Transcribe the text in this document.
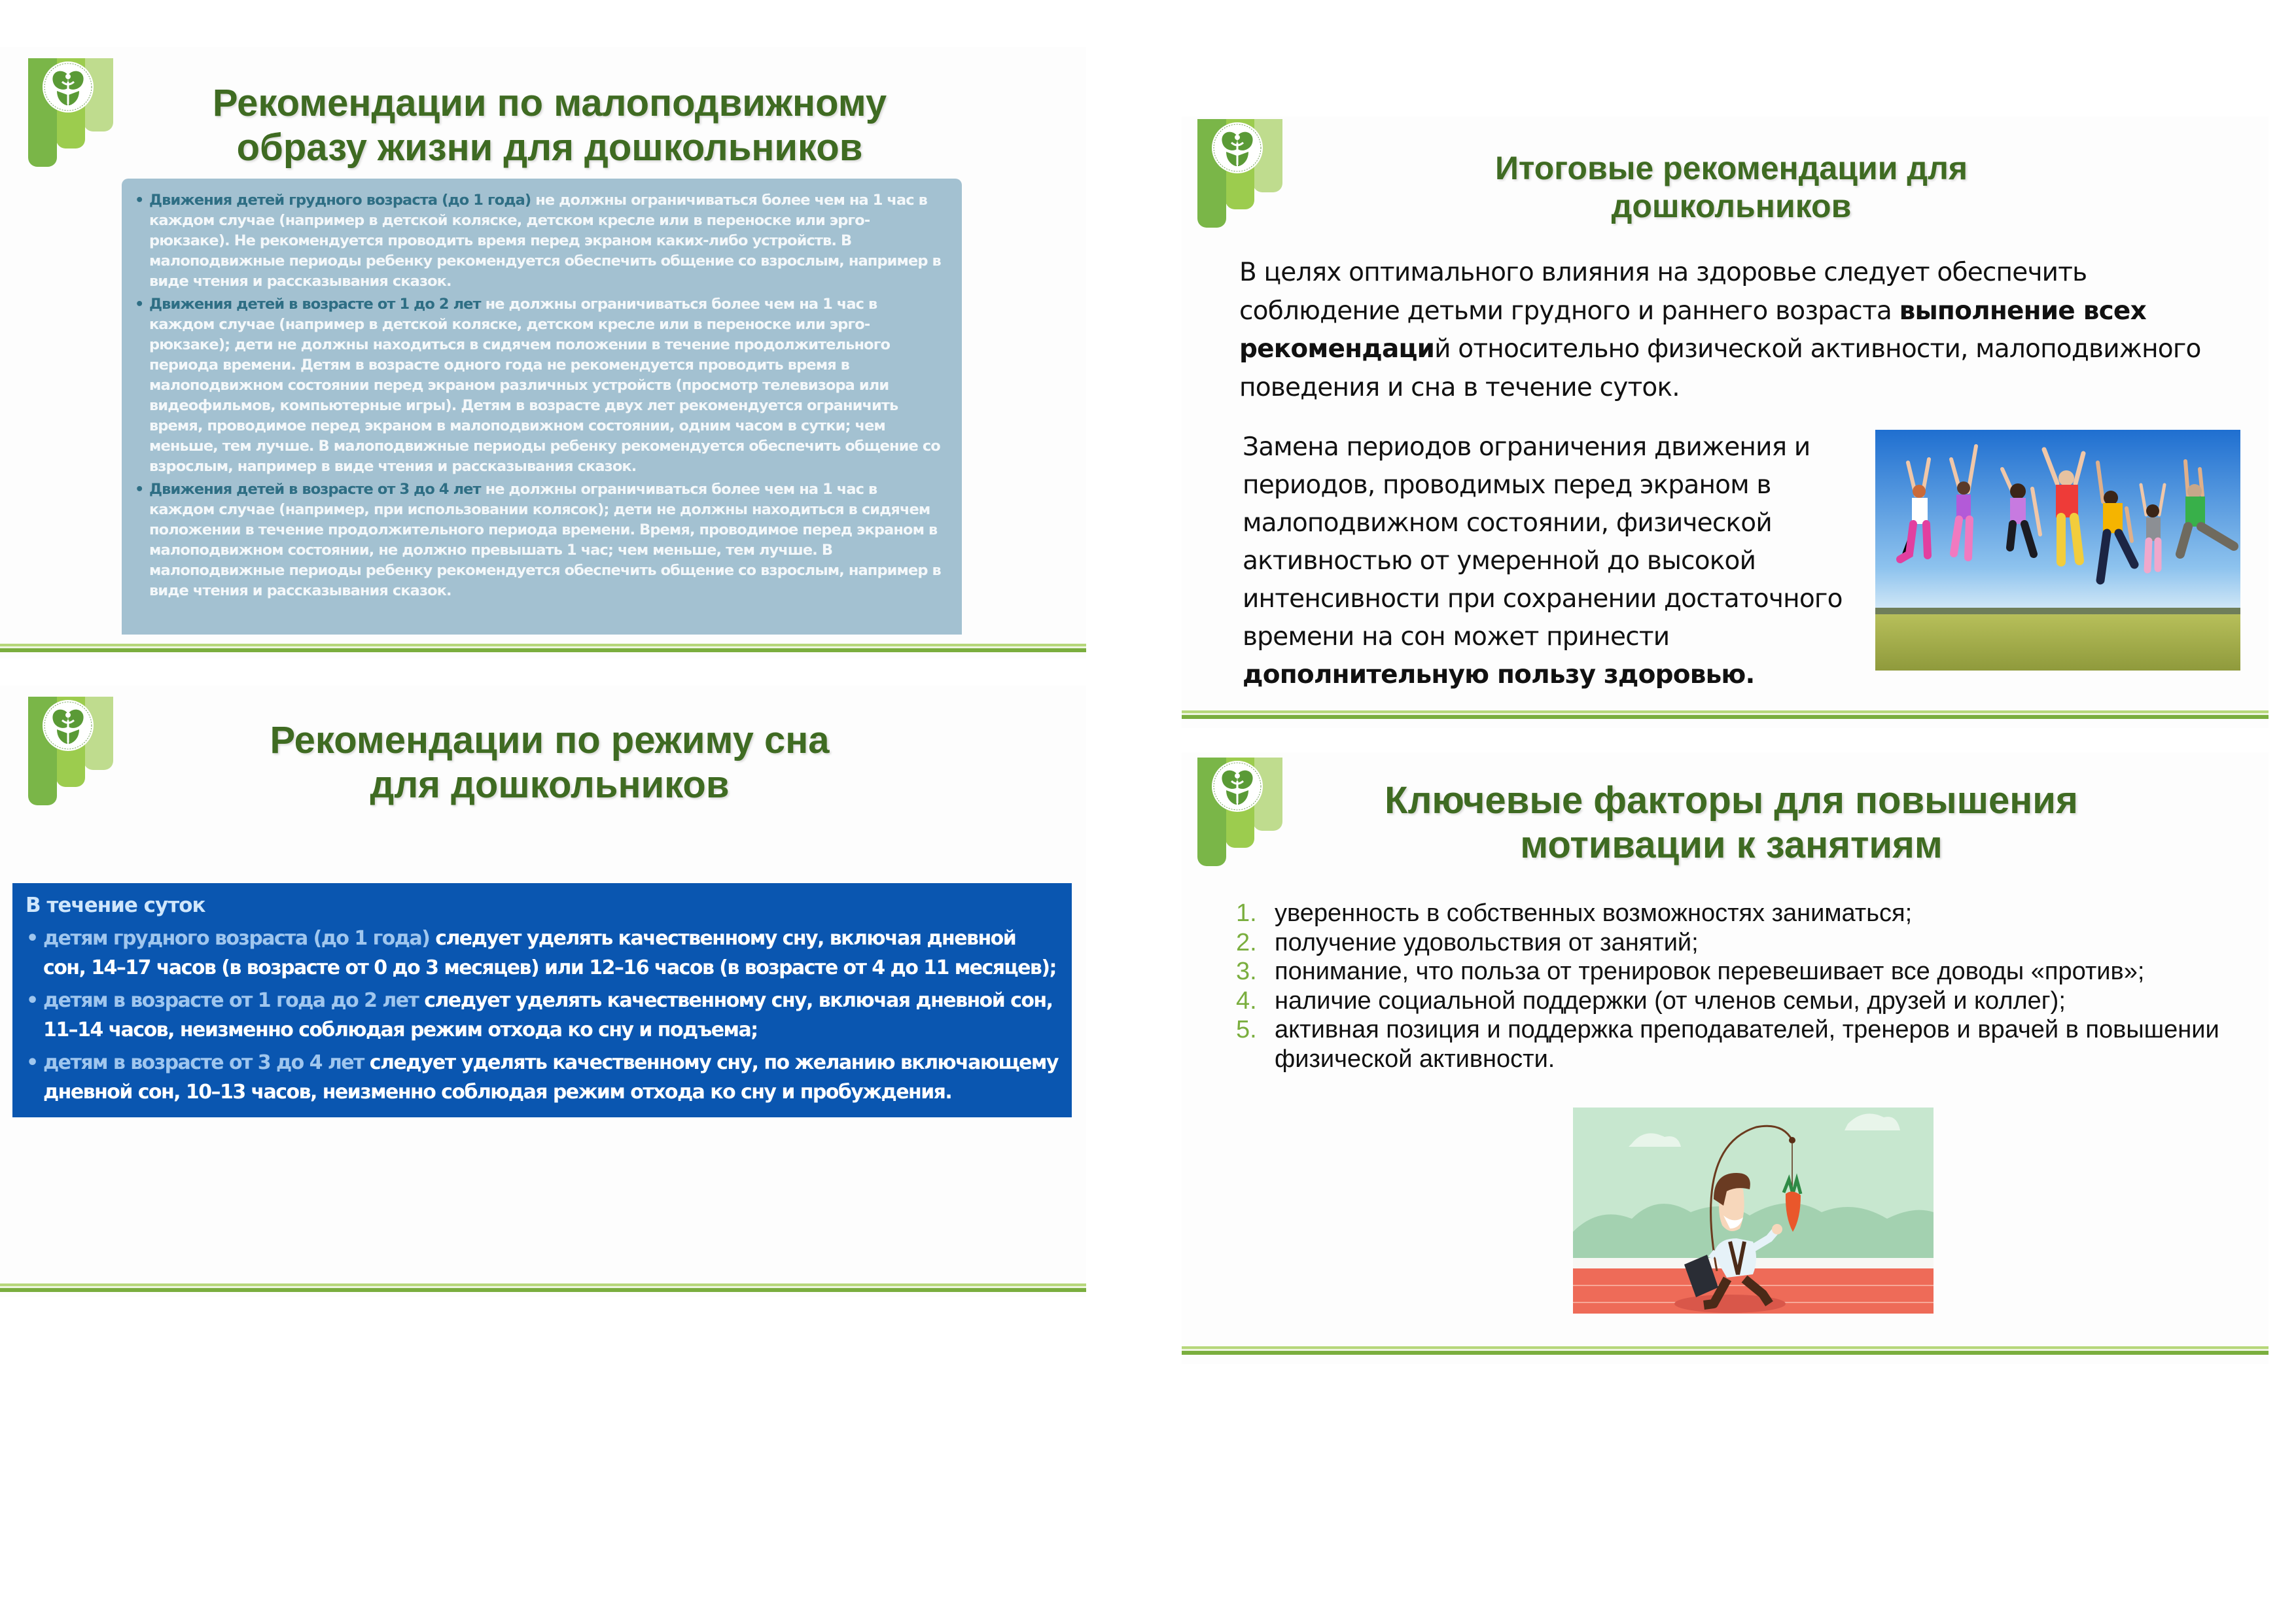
Рекомендации по малоподвижному
образу жизни для дошкольников
• Движения детей грудного возраста (до 1 года) не должны ограничиваться более чем на 1 час в каждом случае (например в детской коляске, детском кресле или в переноске или эрго-рюкзаке). Не рекомендуется проводить время перед экраном каких-либо устройств. В малоподвижные периоды ребенку рекомендуется обеспечить общение со взрослым, например в виде чтения и рассказывания сказок.
• Движения детей в возрасте от 1 до 2 лет не должны ограничиваться более чем на 1 час в каждом случае (например в детской коляске, детском кресле или в переноске или эрго-рюкзаке); дети не должны находиться в сидячем положении в течение продолжительного периода времени. Детям в возрасте одного года не рекомендуется проводить время в малоподвижном состоянии перед экраном различных устройств (просмотр телевизора или видеофильмов, компьютерные игры). Детям в возрасте двух лет рекомендуется ограничить время, проводимое перед экраном в малоподвижном состоянии, одним часом в сутки; чем меньше, тем лучше. В малоподвижные периоды ребенку рекомендуется обеспечить общение со взрослым, например в виде чтения и рассказывания сказок.
• Движения детей в возрасте от 3 до 4 лет не должны ограничиваться более чем на 1 час в каждом случае (например, при использовании колясок); дети не должны находиться в сидячем положении в течение продолжительного периода времени. Время, проводимое перед экраном в малоподвижном состоянии, не должно превышать 1 час; чем меньше, тем лучше. В малоподвижные периоды ребенку рекомендуется обеспечить общение со взрослым, например в виде чтения и рассказывания сказок.
Рекомендации по режиму сна
для дошкольников
В течение суток
• детям грудного возраста (до 1 года) следует уделять качественному сну, включая дневной сон, 14–17 часов (в возрасте от 0 до 3 месяцев) или 12–16 часов (в возрасте от 4 до 11 месяцев);
• детям в возрасте от 1 года до 2 лет следует уделять качественному сну, включая дневной сон, 11–14 часов, неизменно соблюдая режим отхода ко сну и подъема;
• детям в возрасте от 3 до 4 лет следует уделять качественному сну, по желанию включающему дневной сон, 10–13 часов, неизменно соблюдая режим отхода ко сну и пробуждения.
Итоговые рекомендации для
дошкольников
В целях оптимального влияния на здоровье следует обеспечить соблюдение детьми грудного и раннего возраста выполнение всех рекомендаций относительно физической активности, малоподвижного поведения и сна в течение суток.
Замена периодов ограничения движения и периодов, проводимых перед экраном в малоподвижном состоянии, физической активностью от умеренной до высокой интенсивности при сохранении достаточного времени на сон может принести дополнительную пользу здоровью.
Ключевые факторы для повышения
мотивации к занятиям
1. уверенность в собственных возможностях заниматься;
2. получение удовольствия от занятий;
3. понимание, что польза от тренировок перевешивает все доводы «против»;
4. наличие социальной поддержки (от членов семьи, друзей и коллег);
5. активная позиция и поддержка преподавателей, тренеров и врачей в повышении физической активности.
